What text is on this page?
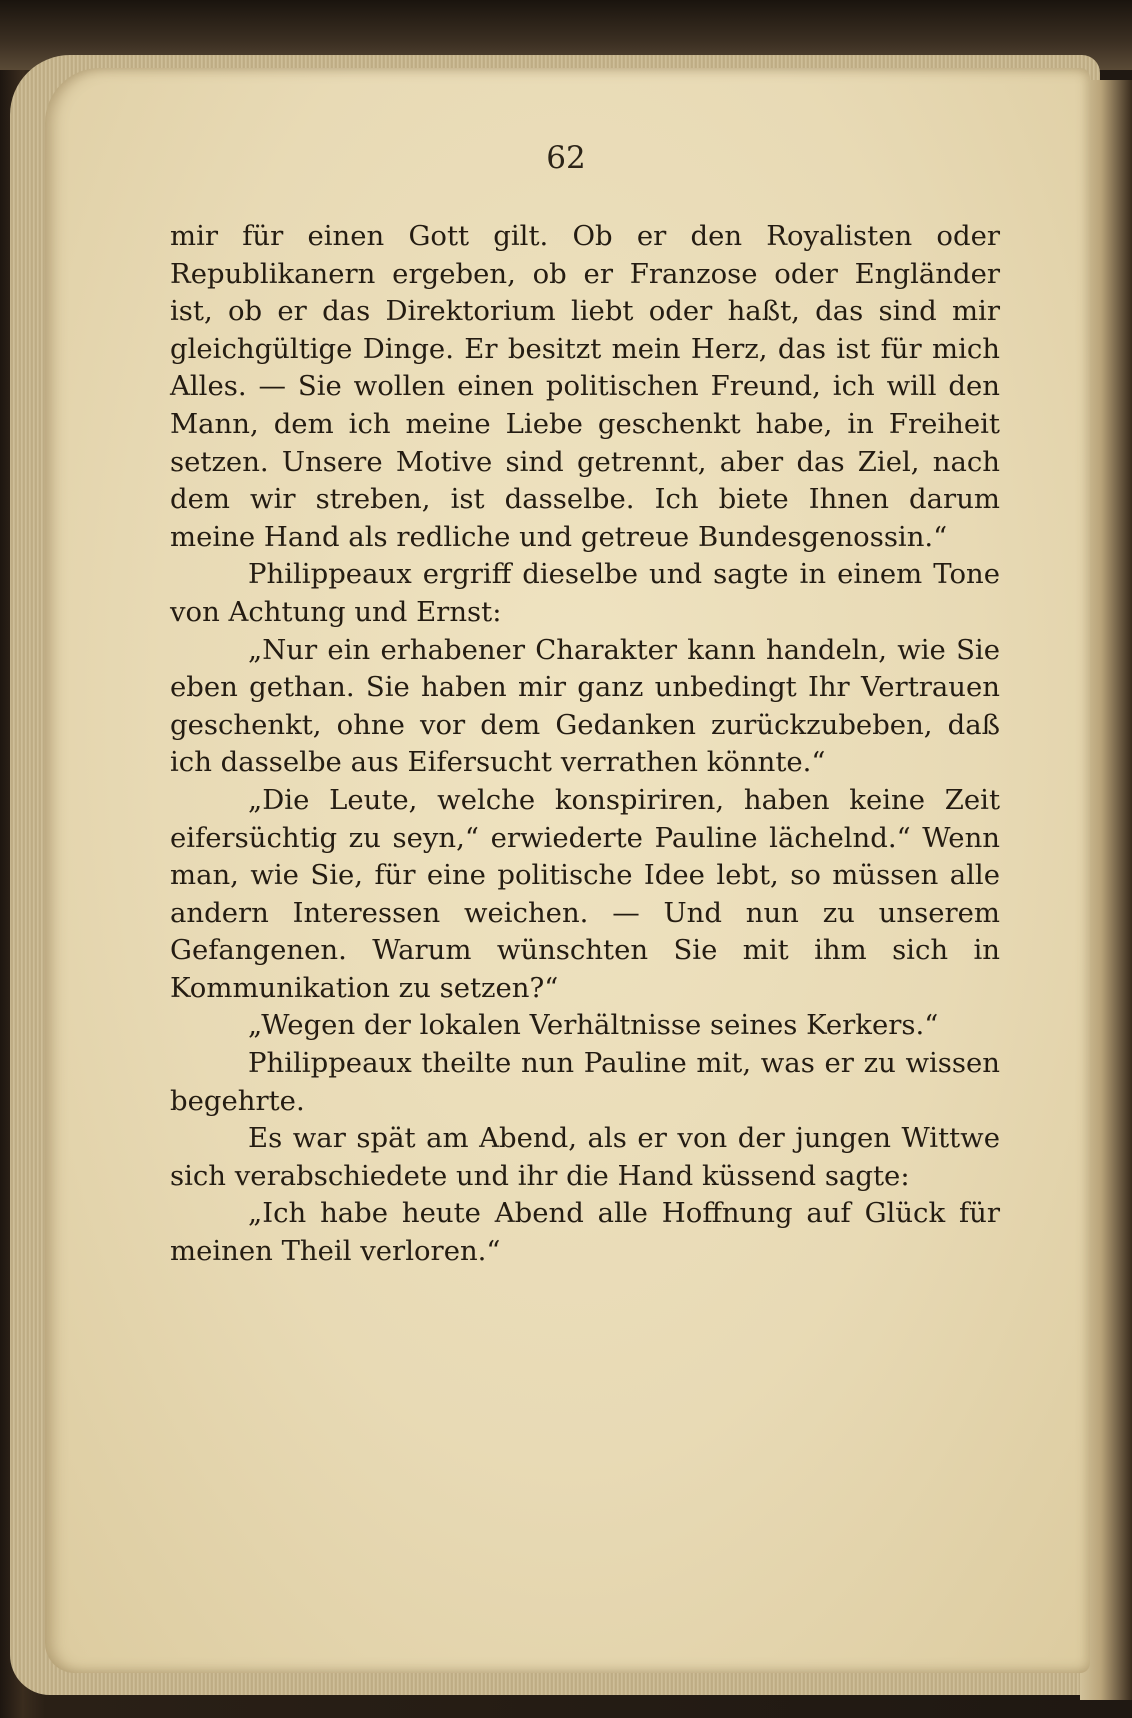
62

mir für einen Gott gilt. Ob er den Royalisten oder Republikanern ergeben, ob er Franzose oder Engländer ist, ob er das Direktorium liebt oder haßt, das sind mir gleichgültige Dinge. Er besitzt mein Herz, das ist für mich Alles. — Sie wollen einen politischen Freund, ich will den Mann, dem ich meine Liebe geschenkt habe, in Freiheit setzen. Unsere Motive sind getrennt, aber das Ziel, nach dem wir streben, ist dasselbe. Ich biete Ihnen darum meine Hand als redliche und getreue Bundesgenossin.“

Philippeaux ergriff dieselbe und sagte in einem Tone von Achtung und Ernst:

„Nur ein erhabener Charakter kann handeln, wie Sie eben gethan. Sie haben mir ganz unbedingt Ihr Vertrauen geschenkt, ohne vor dem Gedanken zurückzubeben, daß ich dasselbe aus Eifersucht verrathen könnte.“

„Die Leute, welche konspiriren, haben keine Zeit eifersüchtig zu seyn,“ erwiederte Pauline lächelnd.“ Wenn man, wie Sie, für eine politische Idee lebt, so müssen alle andern Interessen weichen. — Und nun zu unserem Gefangenen. Warum wünschten Sie mit ihm sich in Kommunikation zu setzen?“

„Wegen der lokalen Verhältnisse seines Kerkers.“

Philippeaux theilte nun Pauline mit, was er zu wissen begehrte.

Es war spät am Abend, als er von der jungen Wittwe sich verabschiedete und ihr die Hand küssend sagte:

„Ich habe heute Abend alle Hoffnung auf Glück für meinen Theil verloren.“
